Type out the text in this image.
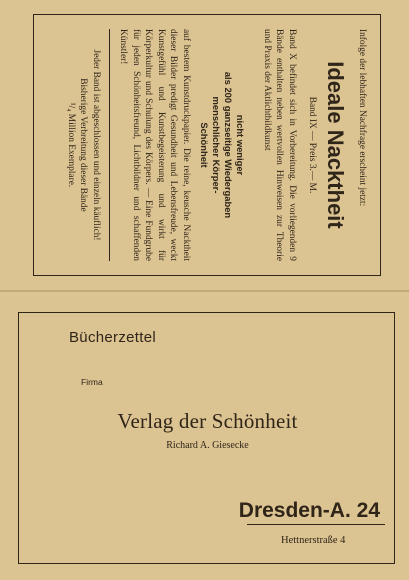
Infolge der lebhaften Nachfrage erscheint jetzt:
Ideale Nacktheit
Band IX — Preis 3.— M.
Band X befindet sich in Vorbereitung. Die vorliegenden 9 Bände enthalten neben wertvollen Hinweisen zur Theorie und Praxis der Aktlichtbildkunst
nicht weniger
als 200 ganzseitige Wiedergaben
menschlicher Körper-
Schönheit
auf bestem Kunstdruckpapier. Die reine, keusche Nacktheit dieser Bilder predigt Gesundheit und Lebensfreude, weckt Kunstgefühl und Kunstbegeisterung und wirkt für Körperkultur und Schulung des Körpers. — Eine Fundgrube für jeden Schönheitsfreund, Lichtbildner und schaffenden Künstler!
Jeder Band ist abgeschlossen und einzeln käuflich!
Bisherige Verbreitung dieser Bände
¹/₄ Million Exemplare.
Bücherzettel
Firma
Verlag der Schönheit
Richard A. Giesecke
Dresden-A. 24
Hettnerstraße 4
